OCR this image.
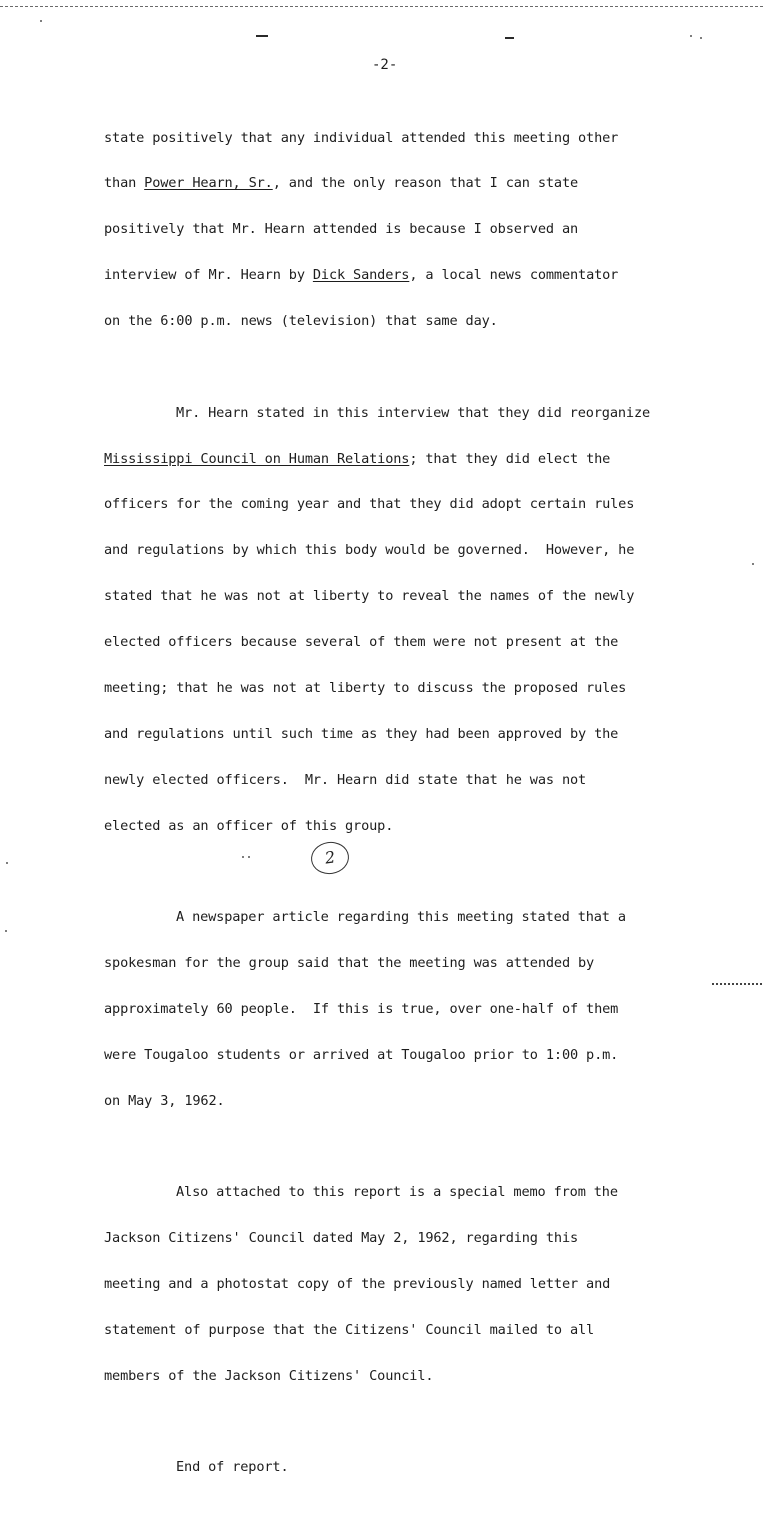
-2-

state positively that any individual attended this meeting other

than Power Hearn, Sr., and the only reason that I can state

positively that Mr. Hearn attended is because I observed an

interview of Mr. Hearn by Dick Sanders, a local news commentator

on the 6:00 p.m. news (television) that same day.

Mr. Hearn stated in this interview that they did reorganize

Mississippi Council on Human Relations; that they did elect the

officers for the coming year and that they did adopt certain rules

and regulations by which this body would be governed.  However, he

stated that he was not at liberty to reveal the names of the newly

elected officers because several of them were not present at the

meeting; that he was not at liberty to discuss the proposed rules

and regulations until such time as they had been approved by the

newly elected officers.  Mr. Hearn did state that he was not

elected as an officer of this group.

A newspaper article regarding this meeting stated that a

spokesman for the group said that the meeting was attended by

approximately 60 people.  If this is true, over one-half of them

were Tougaloo students or arrived at Tougaloo prior to 1:00 p.m.

on May 3, 1962.

Also attached to this report is a special memo from the

Jackson Citizens' Council dated May 2, 1962, regarding this

meeting and a photostat copy of the previously named letter and

statement of purpose that the Citizens' Council mailed to all

members of the Jackson Citizens' Council.

End of report.

2
